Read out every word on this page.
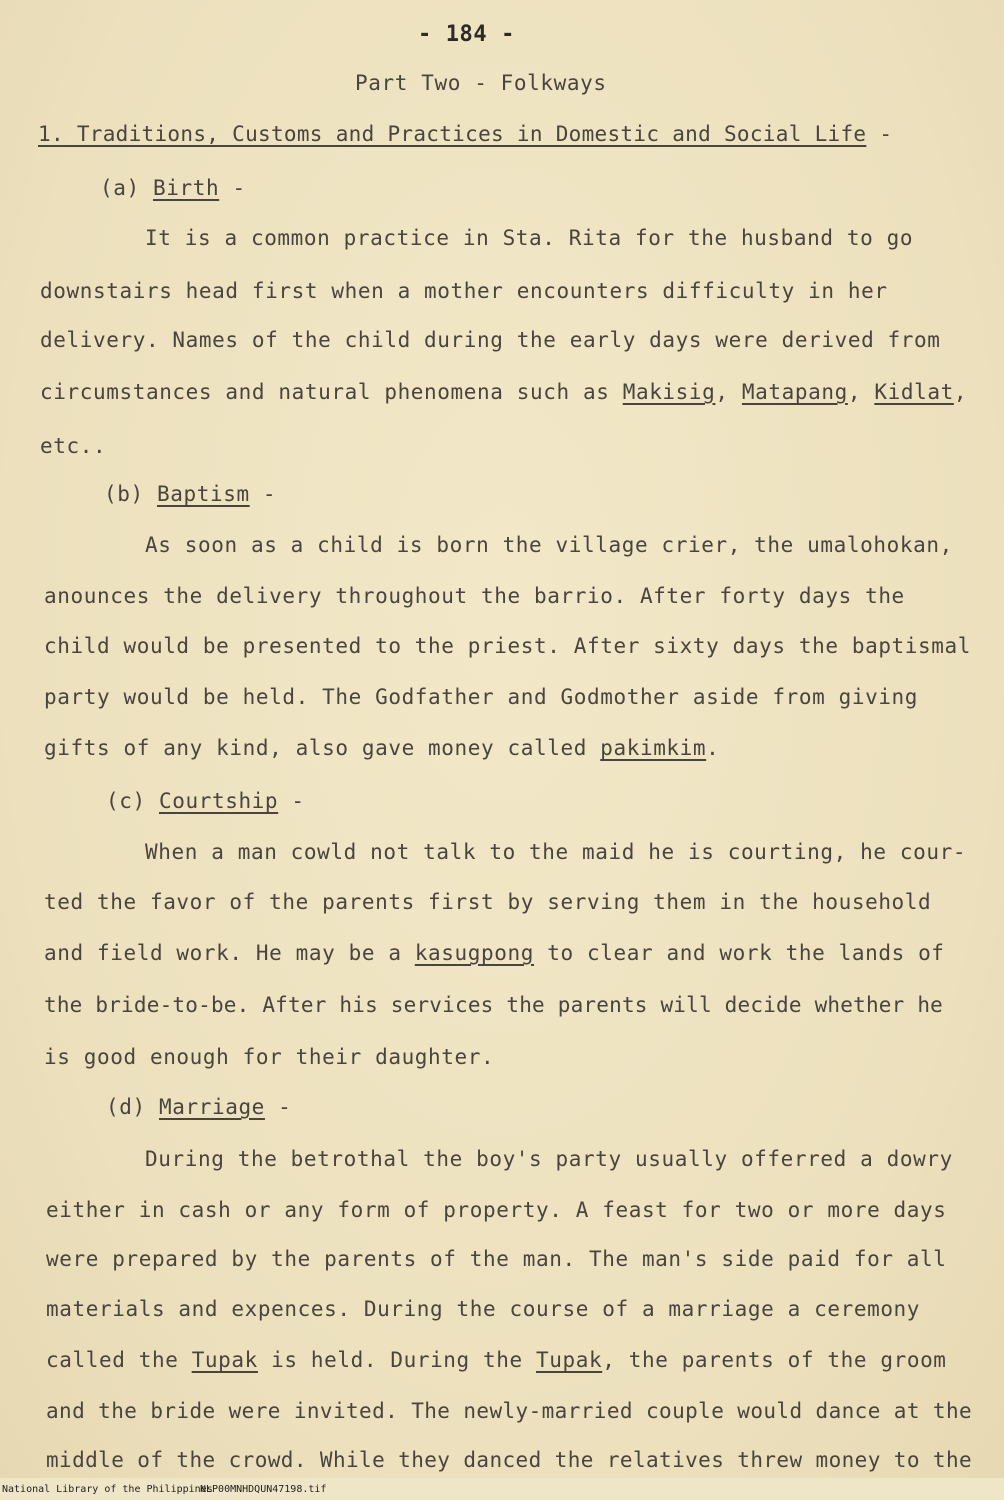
- 184 -
Part Two - Folkways
1. Traditions, Customs and Practices in Domestic and Social Life -
(a) Birth -
It is a common practice in Sta. Rita for the husband to go
downstairs head first when a mother encounters difficulty in her
delivery. Names of the child during the early days were derived from
circumstances and natural phenomena such as Makisig, Matapang, Kidlat,
etc..
(b) Baptism -
As soon as a child is born the village crier, the umalohokan,
anounces the delivery throughout the barrio. After forty days the
child would be presented to the priest. After sixty days the baptismal
party would be held. The Godfather and Godmother aside from giving
gifts of any kind, also gave money called pakimkim.
(c) Courtship -
When a man cowld not talk to the maid he is courting, he cour-
ted the favor of the parents first by serving them in the household
and field work. He may be a kasugpong to clear and work the lands of
the bride-to-be. After his services the parents will decide whether he
is good enough for their daughter.
(d) Marriage -
During the betrothal the boy's party usually offerred a dowry
either in cash or any form of property. A feast for two or more days
were prepared by the parents of the man. The man's side paid for all
materials and expences. During the course of a marriage a ceremony
called the Tupak is held. During the Tupak, the parents of the groom
and the bride were invited. The newly-married couple would dance at the
middle of the crowd. While they danced the relatives threw money to the
National Library of the Philippines
NLP00MNHDQUN47198.tif
